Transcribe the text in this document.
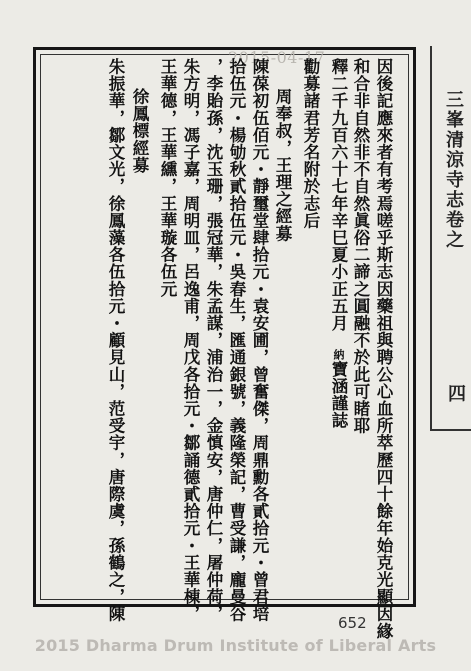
2015-04-17
因後記應來者有考焉嗟乎斯志因藥祖與聘公心血所萃歷四十餘年始克光顯因緣
和合非自然非不自然眞俗二諦之圓融不於此可睹耶
釋二千九百六十七年辛巳夏小正五月　納寶涵謹誌
勸募諸君芳名附於志后
周奉叔，王理之經募
陳葆初伍佰元・靜璽堂肆拾元・袁安圃，曾奮傑，周鼎勳各貳拾元・曾君培
拾伍元・楊劬秋貳拾伍元・吳春生，匯通銀號，義隆榮記，曹受謙，龐曼谷
，李貽孫，沈玉珊，張冠華，朱孟謀，浦治一，金慎安，唐仲仁，屠仲荷，
朱方明，馮子嘉，周明皿，呂逸甫，周戊各拾元・鄒誦德貳拾元・王華棟，
王華德，王華纁，王華璇各伍元
徐鳳標經募
朱振華，鄒文光，徐鳳藻各伍拾元・顧見山，范受宇，唐際虞，孫鶴之，陳
652
2015 Dharma Drum Institute of Liberal Arts
三峯清涼寺志卷之
四
